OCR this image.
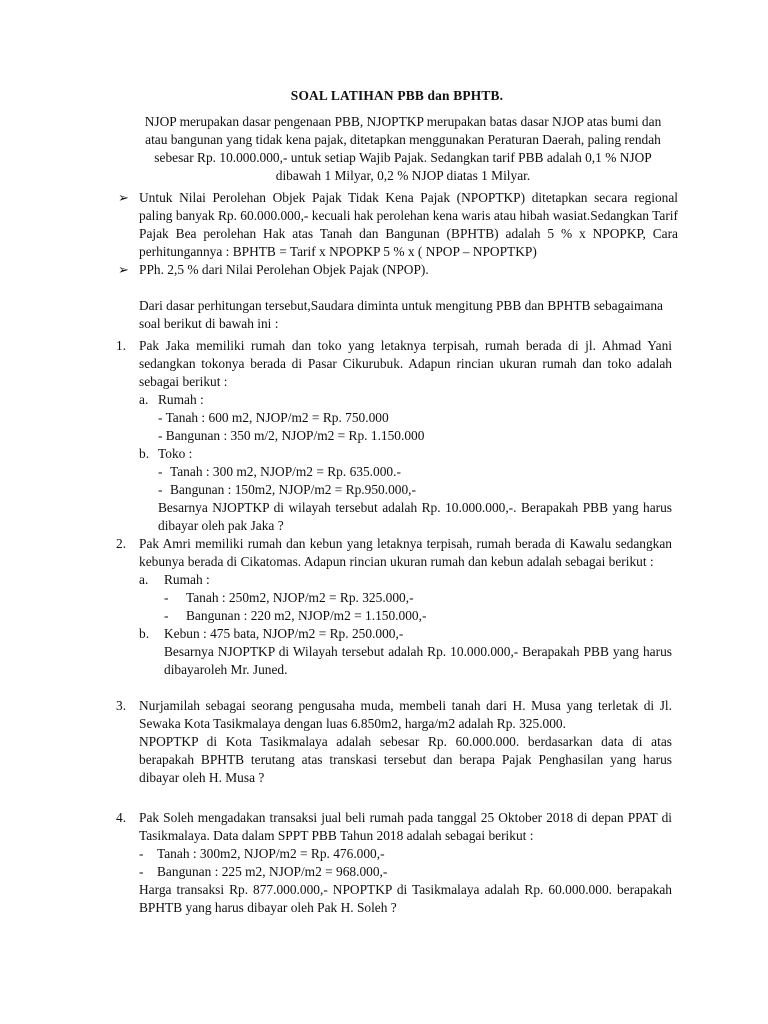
SOAL LATIHAN PBB dan BPHTB.
NJOP merupakan dasar pengenaan PBB, NJOPTKP merupakan batas dasar NJOP atas bumi dan atau bangunan yang tidak kena pajak, ditetapkan menggunakan Peraturan Daerah, paling rendah sebesar Rp. 10.000.000,- untuk setiap Wajib Pajak. Sedangkan tarif PBB adalah 0,1 % NJOP dibawah 1 Milyar, 0,2 % NJOP diatas 1 Milyar.
➢ Untuk Nilai Perolehan Objek Pajak Tidak Kena Pajak (NPOPTKP) ditetapkan secara regional paling banyak Rp. 60.000.000,- kecuali hak perolehan kena waris atau hibah wasiat.Sedangkan Tarif Pajak Bea perolehan Hak atas Tanah dan Bangunan (BPHTB) adalah 5 % x NPOPKP, Cara perhitungannya : BPHTB = Tarif x NPOPKP 5 % x ( NPOP – NPOPTKP)
➢ PPh. 2,5 % dari Nilai Perolehan Objek Pajak (NPOP).
Dari dasar perhitungan tersebut,Saudara diminta untuk mengitung PBB dan BPHTB sebagaimana soal berikut di bawah ini :
1. Pak Jaka memiliki rumah dan toko yang letaknya terpisah, rumah berada di jl. Ahmad Yani sedangkan tokonya berada di Pasar Cikurubuk. Adapun rincian ukuran rumah dan toko adalah sebagai berikut :
a. Rumah :
- Tanah : 600 m2, NJOP/m2 = Rp. 750.000
- Bangunan : 350 m/2, NJOP/m2 = Rp. 1.150.000
b. Toko :
- Tanah : 300 m2, NJOP/m2 = Rp. 635.000.-
- Bangunan : 150m2, NJOP/m2 = Rp.950.000,-
Besarnya NJOPTKP di wilayah tersebut adalah Rp. 10.000.000,-. Berapakah PBB yang harus dibayar oleh pak Jaka ?
2. Pak Amri memiliki rumah dan kebun yang letaknya terpisah, rumah berada di Kawalu sedangkan kebunya berada di Cikatomas. Adapun rincian ukuran rumah dan kebun adalah sebagai berikut :
a.	Rumah :
-	Tanah : 250m2, NJOP/m2 = Rp. 325.000,-
-	Bangunan : 220 m2, NJOP/m2 = 1.150.000,-
b.	Kebun : 475 bata, NJOP/m2 = Rp. 250.000,-
Besarnya NJOPTKP di Wilayah tersebut adalah Rp. 10.000.000,- Berapakah PBB yang harus dibayaroleh Mr. Juned.
3. Nurjamilah sebagai seorang pengusaha muda, membeli tanah dari H. Musa yang terletak di Jl. Sewaka Kota Tasikmalaya dengan luas 6.850m2, harga/m2 adalah Rp. 325.000.
NPOPTKP di Kota Tasikmalaya adalah sebesar Rp. 60.000.000. berdasarkan data di atas berapakah BPHTB terutang atas transkasi tersebut dan berapa Pajak Penghasilan yang harus dibayar oleh H. Musa ?
4. Pak Soleh mengadakan transaksi jual beli rumah pada tanggal 25 Oktober 2018 di depan PPAT di Tasikmalaya. Data dalam SPPT PBB Tahun 2018 adalah sebagai berikut :
-	Tanah : 300m2, NJOP/m2 = Rp. 476.000,-
-	Bangunan : 225 m2, NJOP/m2 = 968.000,-
Harga transaksi Rp. 877.000.000,- NPOPTKP di Tasikmalaya adalah Rp. 60.000.000. berapakah BPHTB yang harus dibayar oleh Pak H. Soleh ?
